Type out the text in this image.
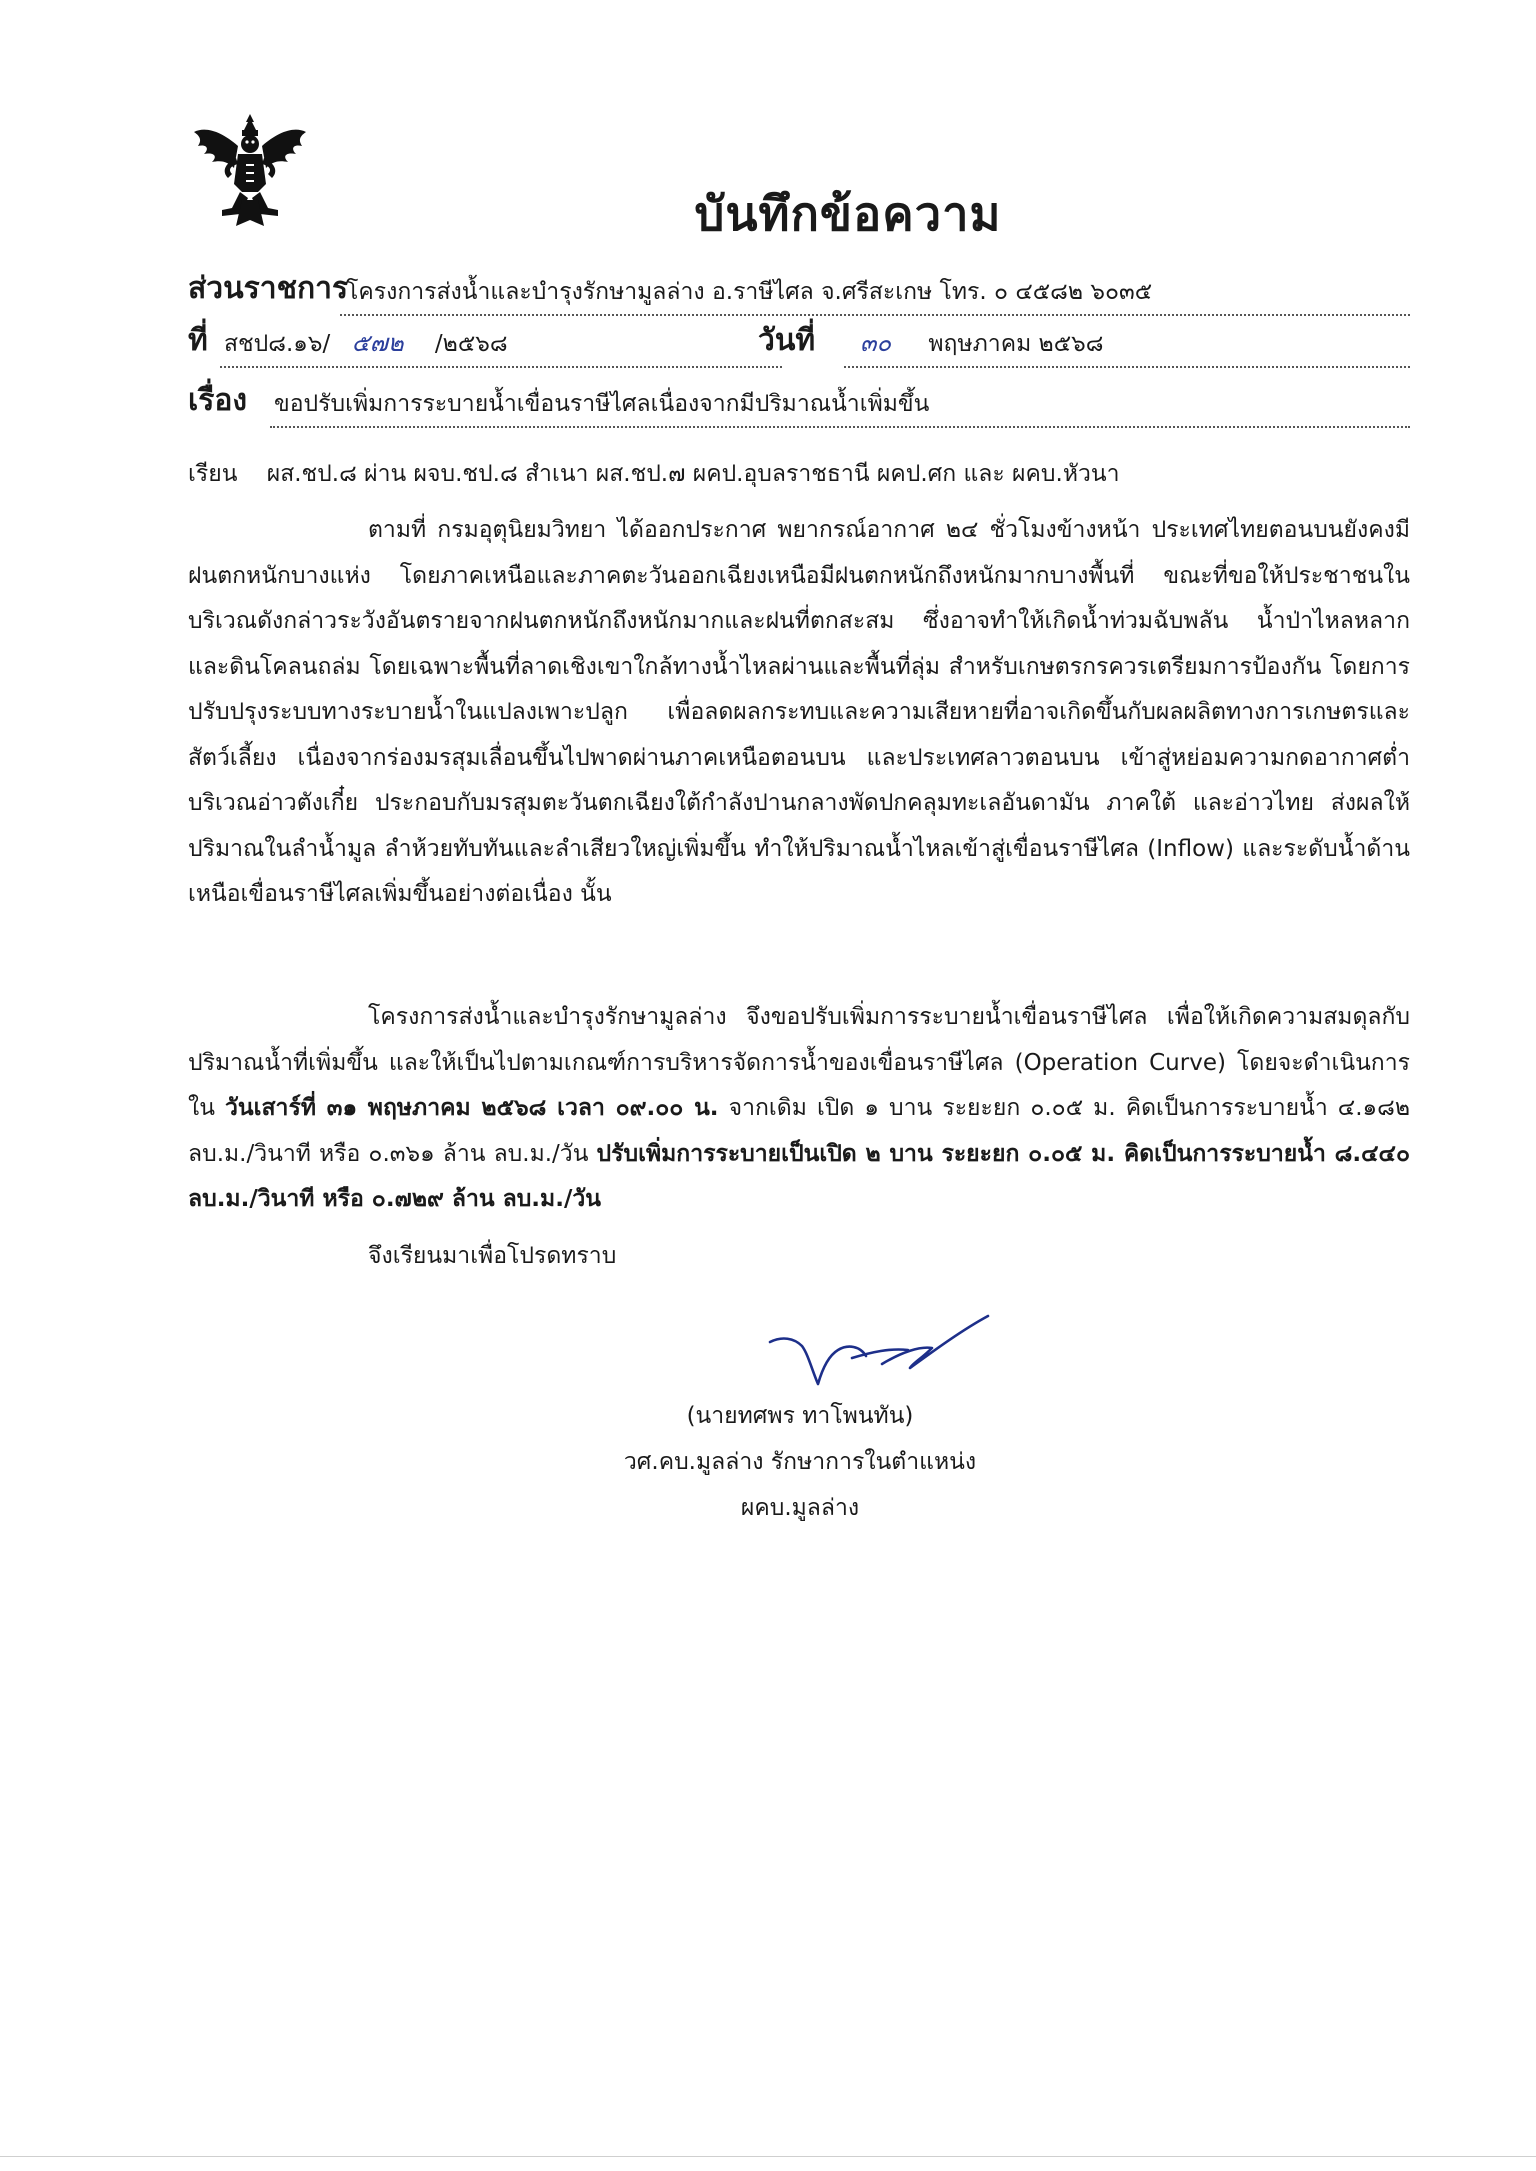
บันทึกข้อความ
ส่วนราชการ
โครงการส่งน้ำและบำรุงรักษามูลล่าง อ.ราษีไศล จ.ศรีสะเกษ โทร. ๐ ๔๕๘๒ ๖๐๓๕
ที่ สชป๘.๑๖/ ๕๗๒ /๒๕๖๘	วันที่	๓๐ พฤษภาคม ๒๕๖๘
เรื่อง ขอปรับเพิ่มการระบายน้ำเขื่อนราษีไศลเนื่องจากมีปริมาณน้ำเพิ่มขึ้น
เรียน ผส.ชป.๘ ผ่าน ผจบ.ชป.๘ สำเนา ผส.ชป.๗ ผคป.อุบลราชธานี ผคป.ศก และ ผคบ.หัวนา
ตามที่ กรมอุตุนิยมวิทยา ได้ออกประกาศ พยากรณ์อากาศ ๒๔ ชั่วโมงข้างหน้า ประเทศไทยตอนบนยังคงมีฝนตกหนักบางแห่ง โดยภาคเหนือและภาคตะวันออกเฉียงเหนือมีฝนตกหนักถึงหนักมากบางพื้นที่ ขณะที่ขอให้ประชาชนในบริเวณดังกล่าวระวังอันตรายจากฝนตกหนักถึงหนักมากและฝนที่ตกสะสม ซึ่งอาจทำให้เกิดน้ำท่วมฉับพลัน น้ำป่าไหลหลาก และดินโคลนถล่ม โดยเฉพาะพื้นที่ลาดเชิงเขาใกล้ทางน้ำไหลผ่านและพื้นที่ลุ่ม สำหรับเกษตรกรควรเตรียมการป้องกัน โดยการปรับปรุงระบบทางระบายน้ำในแปลงเพาะปลูก เพื่อลดผลกระทบและความเสียหายที่อาจเกิดขึ้นกับผลผลิตทางการเกษตรและสัตว์เลี้ยง เนื่องจากร่องมรสุมเลื่อนขึ้นไปพาดผ่านภาคเหนือตอนบน และประเทศลาวตอนบน เข้าสู่หย่อมความกดอากาศต่ำบริเวณอ่าวตังเกี๋ย ประกอบกับมรสุมตะวันตกเฉียงใต้กำลังปานกลางพัดปกคลุมทะเลอันดามัน ภาคใต้ และอ่าวไทย ส่งผลให้ปริมาณในลำน้ำมูล ลำห้วยทับทันและลำเสียวใหญ่เพิ่มขึ้น ทำให้ปริมาณน้ำไหลเข้าสู่เขื่อนราษีไศล (Inflow) และระดับน้ำด้านเหนือเขื่อนราษีไศลเพิ่มขึ้นอย่างต่อเนื่อง นั้น
โครงการส่งน้ำและบำรุงรักษามูลล่าง จึงขอปรับเพิ่มการระบายน้ำเขื่อนราษีไศล เพื่อให้เกิดความสมดุลกับปริมาณน้ำที่เพิ่มขึ้น และให้เป็นไปตามเกณฑ์การบริหารจัดการน้ำของเขื่อนราษีไศล (Operation Curve) โดยจะดำเนินการใน วันเสาร์ที่ ๓๑ พฤษภาคม ๒๕๖๘ เวลา ๐๙.๐๐ น. จากเดิม เปิด ๑ บาน ระยะยก ๐.๐๕ ม. คิดเป็นการระบายน้ำ ๔.๑๘๒ ลบ.ม./วินาที หรือ ๐.๓๖๑ ล้าน ลบ.ม./วัน ปรับเพิ่มการระบายเป็นเปิด ๒ บาน ระยะยก ๐.๐๕ ม. คิดเป็นการระบายน้ำ ๘.๔๔๐ ลบ.ม./วินาที หรือ ๐.๗๒๙ ล้าน ลบ.ม./วัน
จึงเรียนมาเพื่อโปรดทราบ
(นายทศพร ทาโพนทัน)
วศ.คบ.มูลล่าง รักษาการในตำแหน่ง
ผคบ.มูลล่าง
